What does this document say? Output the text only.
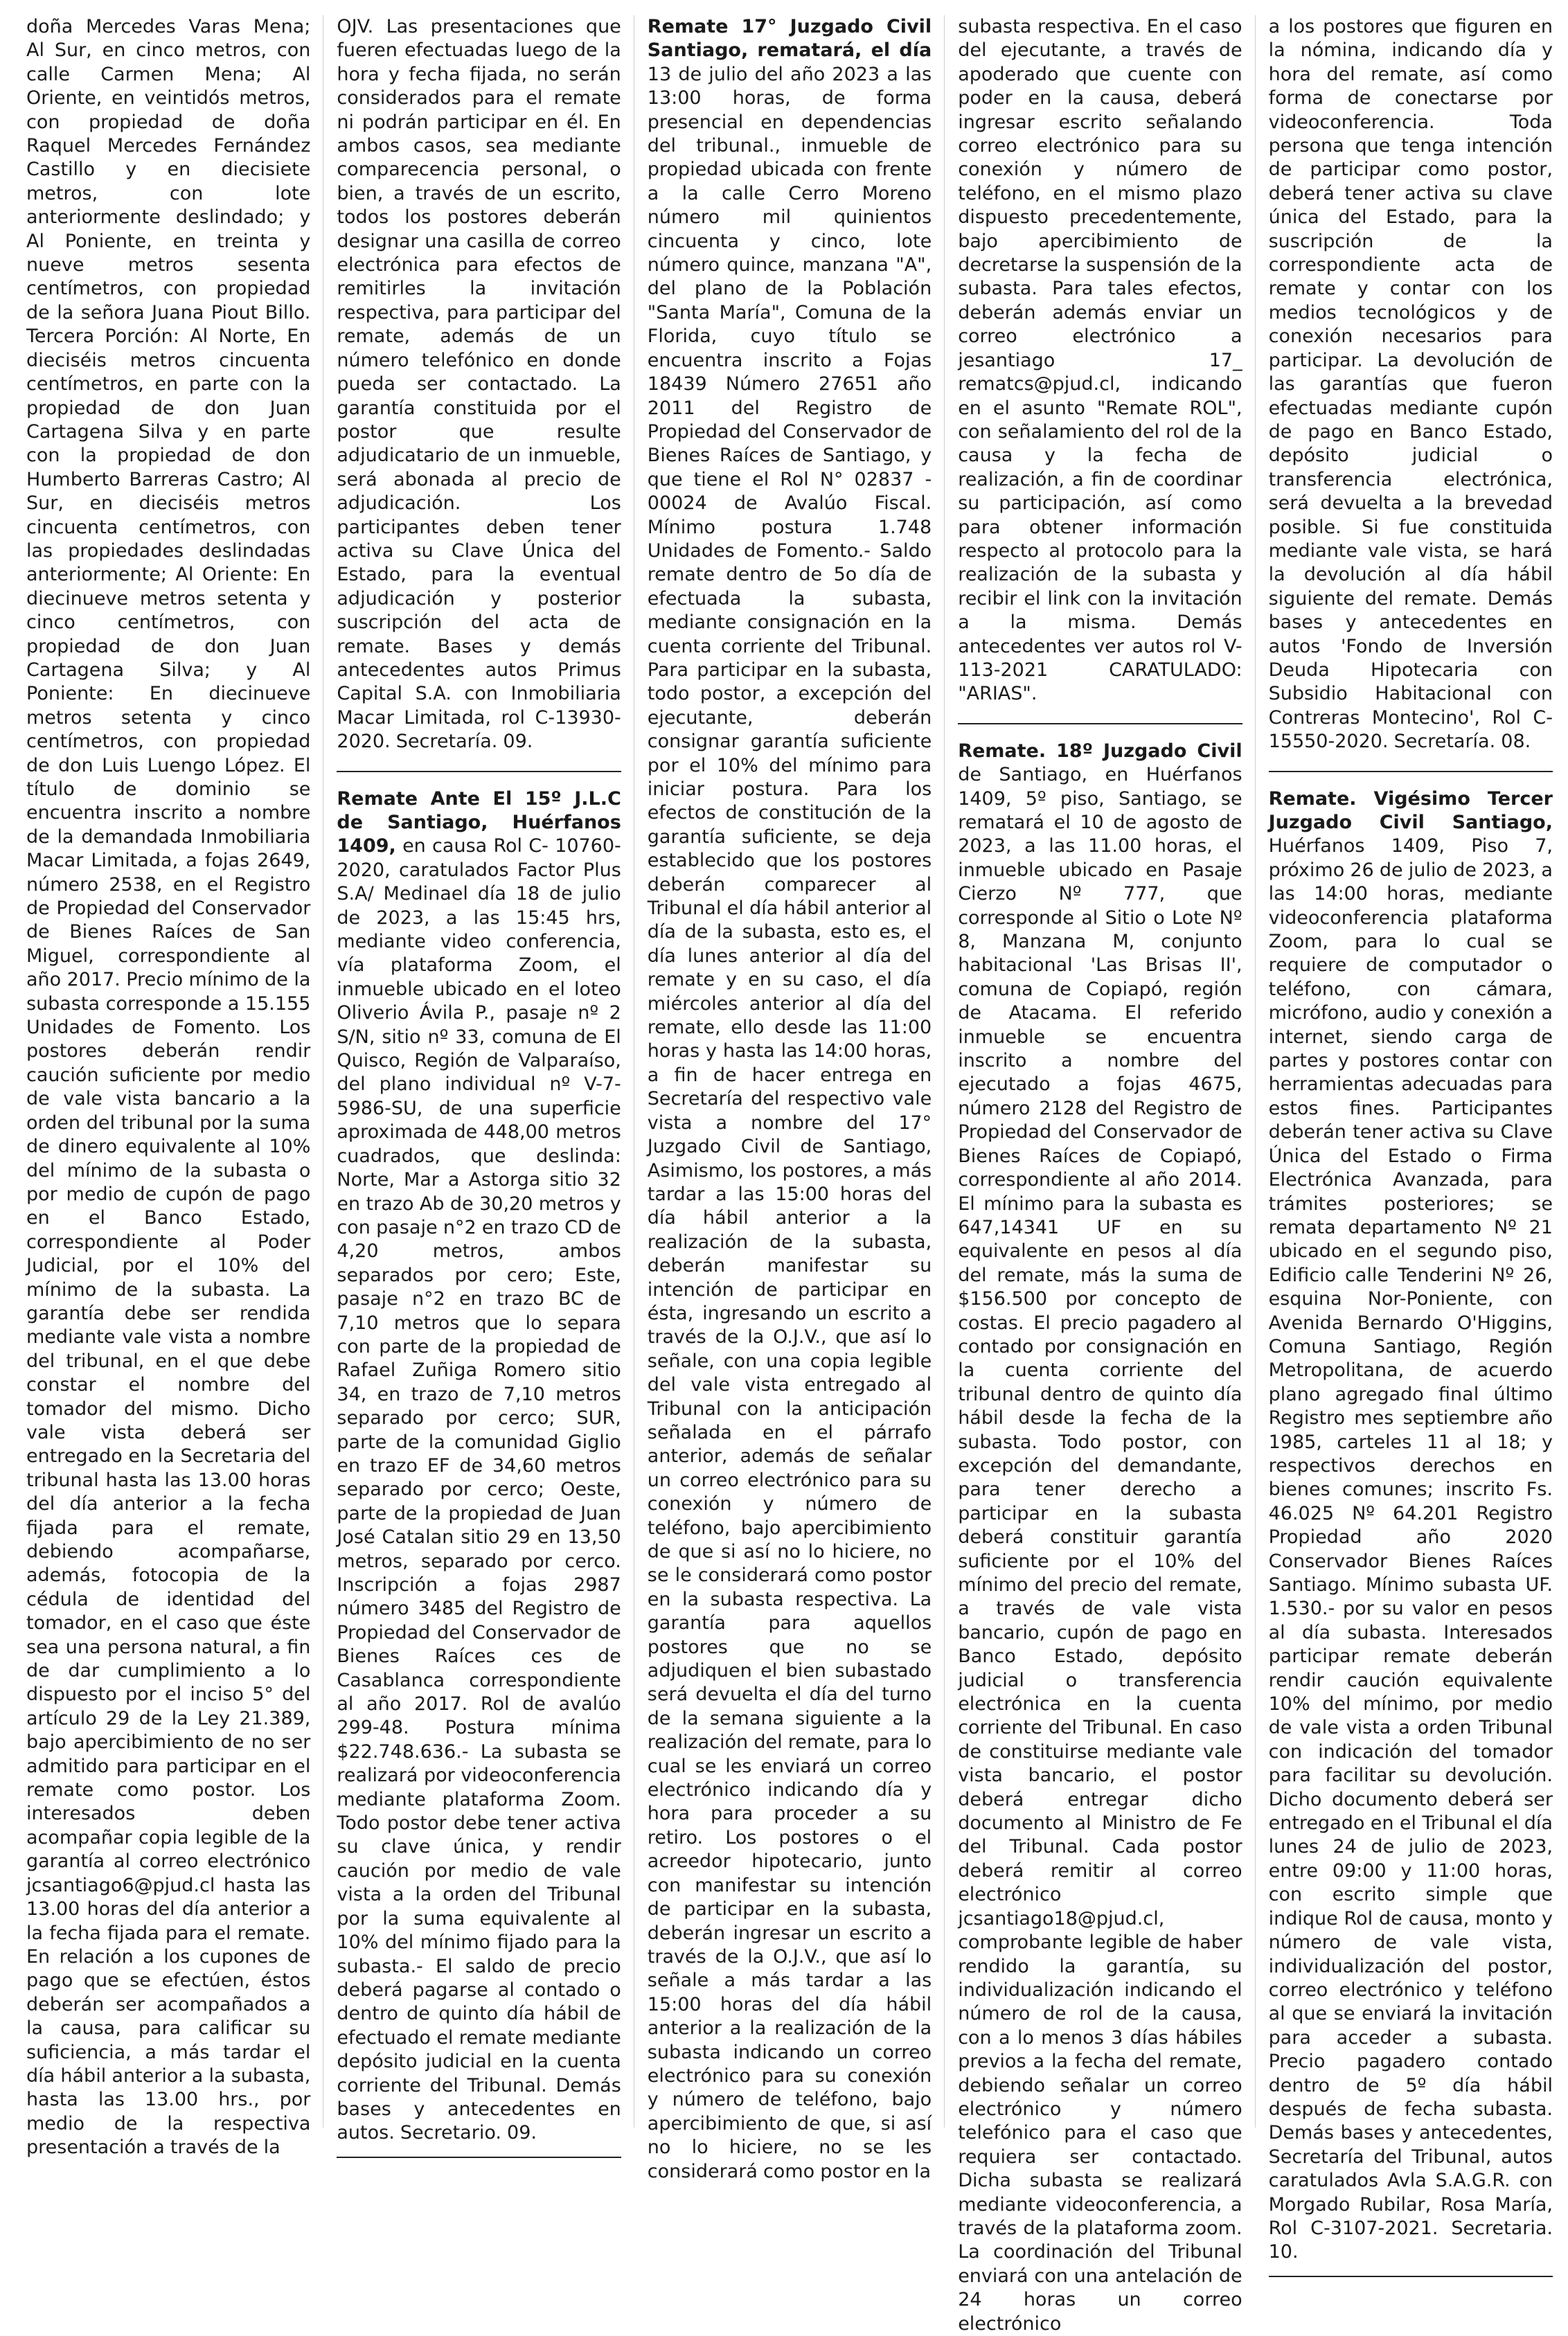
doña Mercedes Varas Mena; Al Sur, en cinco metros, con calle Carmen Mena; Al Oriente, en veintidós metros, con propiedad de doña Raquel Mercedes Fernández Castillo y en diecisiete metros, con lote anteriormente deslindado; y Al Poniente, en treinta y nueve metros sesenta centímetros, con propiedad de la señora Juana Piout Billo. Tercera Porción: Al Norte, En dieciséis metros cincuenta centímetros, en parte con la propiedad de don Juan Cartagena Silva y en parte con la propiedad de don Humberto Barreras Castro; Al Sur, en dieciséis metros cincuenta centímetros, con las propiedades deslindadas anteriormente; Al Oriente: En diecinueve metros setenta y cinco centímetros, con propiedad de don Juan Cartagena Silva; y Al Poniente: En diecinueve metros setenta y cinco centímetros, con propiedad de don Luis Luengo López. El título de dominio se encuentra inscrito a nombre de la demandada Inmobiliaria Macar Limitada, a fojas 2649, número 2538, en el Registro de Propiedad del Conservador de Bienes Raíces de San Miguel, correspondiente al año 2017. Precio mínimo de la subasta corresponde a 15.155 Unidades de Fomento. Los postores deberán rendir caución suficiente por medio de vale vista bancario a la orden del tribunal por la suma de dinero equivalente al 10% del mínimo de la subasta o por medio de cupón de pago en el Banco Estado, correspondiente al Poder Judicial, por el 10% del mínimo de la subasta. La garantía debe ser rendida mediante vale vista a nombre del tribunal, en el que debe constar el nombre del tomador del mismo. Dicho vale vista deberá ser entregado en la Secretaria del tribunal hasta las 13.00 horas del día anterior a la fecha fijada para el remate, debiendo acompañarse, además, fotocopia de la cédula de identidad del tomador, en el caso que éste sea una persona natural, a fin de dar cumplimiento a lo dispuesto por el inciso 5° del artículo 29 de la Ley 21.389, bajo apercibimiento de no ser admitido para participar en el remate como postor. Los interesados deben acompañar copia legible de la garantía al correo electrónico jcsantiago6@pjud.cl hasta las 13.00 horas del día anterior a la fecha fijada para el remate. En relación a los cupones de pago que se efectúen, éstos deberán ser acompañados a la causa, para calificar su suficiencia, a más tardar el día hábil anterior a la subasta, hasta las 13.00 hrs., por medio de la respectiva presentación a través de la

OJV. Las presentaciones que fueren efectuadas luego de la hora y fecha fijada, no serán considerados para el remate ni podrán participar en él. En ambos casos, sea mediante comparecencia personal, o bien, a través de un escrito, todos los postores deberán designar una casilla de correo electrónica para efectos de remitirles la invitación respectiva, para participar del remate, además de un número telefónico en donde pueda ser contactado. La garantía constituida por el postor que resulte adjudicatario de un inmueble, será abonada al precio de adjudicación. Los participantes deben tener activa su Clave Única del Estado, para la eventual adjudicación y posterior suscripción del acta de remate. Bases y demás antecedentes autos Primus Capital S.A. con Inmobiliaria Macar Limitada, rol C-13930-2020. Secretaría. 09.

Remate Ante El 15º J.L.C de Santiago, Huérfanos 1409, en causa Rol C- 10760-2020, caratulados Factor Plus S.A/ Medinael día 18 de julio de 2023, a las 15:45 hrs, mediante video conferencia, vía plataforma Zoom, el inmueble ubicado en el loteo Oliverio Ávila P., pasaje nº 2 S/N, sitio nº 33, comuna de El Quisco, Región de Valparaíso, del plano individual nº V-7-5986-SU, de una superficie aproximada de 448,00 metros cuadrados, que deslinda: Norte, Mar a Astorga sitio 32 en trazo Ab de 30,20 metros y con pasaje n°2 en trazo CD de 4,20 metros, ambos separados por cero; Este, pasaje n°2 en trazo BC de 7,10 metros que lo separa con parte de la propiedad de Rafael Zuñiga Romero sitio 34, en trazo de 7,10 metros separado por cerco; SUR, parte de la comunidad Giglio en trazo EF de 34,60 metros separado por cerco; Oeste, parte de la propiedad de Juan José Catalan sitio 29 en 13,50 metros, separado por cerco. Inscripción a fojas 2987 número 3485 del Registro de Propiedad del Conservador de Bienes Raíces ces de Casablanca correspondiente al año 2017. Rol de avalúo 299-48. Postura mínima $22.748.636.- La subasta se realizará por videoconferencia mediante plataforma Zoom. Todo postor debe tener activa su clave única, y rendir caución por medio de vale vista a la orden del Tribunal por la suma equivalente al 10% del mínimo fijado para la subasta.- El saldo de precio deberá pagarse al contado o dentro de quinto día hábil de efectuado el remate mediante depósito judicial en la cuenta corriente del Tribunal. Demás bases y antecedentes en autos. Secretario. 09.

Remate 17° Juzgado Civil Santiago, rematará, el día 13 de julio del año 2023 a las 13:00 horas, de forma presencial en dependencias del tribunal., inmueble de propiedad ubicada con frente a la calle Cerro Moreno número mil quinientos cincuenta y cinco, lote número quince, manzana "A", del plano de la Población "Santa María", Comuna de la Florida, cuyo título se encuentra inscrito a Fojas 18439 Número 27651 año 2011 del Registro de Propiedad del Conservador de Bienes Raíces de Santiago, y que tiene el Rol N° 02837 - 00024 de Avalúo Fiscal. Mínimo postura 1.748 Unidades de Fomento.- Saldo remate dentro de 5o día de efectuada la subasta, mediante consignación en la cuenta corriente del Tribunal. Para participar en la subasta, todo postor, a excepción del ejecutante, deberán consignar garantía suficiente por el 10% del mínimo para iniciar postura. Para los efectos de constitución de la garantía suficiente, se deja establecido que los postores deberán comparecer al Tribunal el día hábil anterior al día de la subasta, esto es, el día lunes anterior al día del remate y en su caso, el día miércoles anterior al día del remate, ello desde las 11:00 horas y hasta las 14:00 horas, a fin de hacer entrega en Secretaría del respectivo vale vista a nombre del 17° Juzgado Civil de Santiago, Asimismo, los postores, a más tardar a las 15:00 horas del día hábil anterior a la realización de la subasta, deberán manifestar su intención de participar en ésta, ingresando un escrito a través de la O.J.V., que así lo señale, con una copia legible del vale vista entregado al Tribunal con la anticipación señalada en el párrafo anterior, además de señalar un correo electrónico para su conexión y número de teléfono, bajo apercibimiento de que si así no lo hiciere, no se le considerará como postor en la subasta respectiva. La garantía para aquellos postores que no se adjudiquen el bien subastado será devuelta el día del turno de la semana siguiente a la realización del remate, para lo cual se les enviará un correo electrónico indicando día y hora para proceder a su retiro. Los postores o el acreedor hipotecario, junto con manifestar su intención de participar en la subasta, deberán ingresar un escrito a través de la O.J.V., que así lo señale a más tardar a las 15:00 horas del día hábil anterior a la realización de la subasta indicando un correo electrónico para su conexión y número de teléfono, bajo apercibimiento de que, si así no lo hiciere, no se les considerará como postor en la

subasta respectiva. En el caso del ejecutante, a través de apoderado que cuente con poder en la causa, deberá ingresar escrito señalando correo electrónico para su conexión y número de teléfono, en el mismo plazo dispuesto precedentemente, bajo apercibimiento de decretarse la suspensión de la subasta. Para tales efectos, deberán además enviar un correo electrónico a jesantiago 17_ rematcs@pjud.cl, indicando en el asunto "Remate ROL", con señalamiento del rol de la causa y la fecha de realización, a fin de coordinar su participación, así como para obtener información respecto al protocolo para la realización de la subasta y recibir el link con la invitación a la misma. Demás antecedentes ver autos rol V-113-2021 CARATULADO: "ARIAS".

Remate. 18º Juzgado Civil de Santiago, en Huérfanos 1409, 5º piso, Santiago, se rematará el 10 de agosto de 2023, a las 11.00 horas, el inmueble ubicado en Pasaje Cierzo Nº 777, que corresponde al Sitio o Lote Nº 8, Manzana M, conjunto habitacional 'Las Brisas II', comuna de Copiapó, región de Atacama. El referido inmueble se encuentra inscrito a nombre del ejecutado a fojas 4675, número 2128 del Registro de Propiedad del Conservador de Bienes Raíces de Copiapó, correspondiente al año 2014. El mínimo para la subasta es 647,14341 UF en su equivalente en pesos al día del remate, más la suma de $156.500 por concepto de costas. El precio pagadero al contado por consignación en la cuenta corriente del tribunal dentro de quinto día hábil desde la fecha de la subasta. Todo postor, con excepción del demandante, para tener derecho a participar en la subasta deberá constituir garantía suficiente por el 10% del mínimo del precio del remate, a través de vale vista bancario, cupón de pago en Banco Estado, depósito judicial o transferencia electrónica en la cuenta corriente del Tribunal. En caso de constituirse mediante vale vista bancario, el postor deberá entregar dicho documento al Ministro de Fe del Tribunal. Cada postor deberá remitir al correo electrónico jcsantiago18@pjud.cl, comprobante legible de haber rendido la garantía, su individualización indicando el número de rol de la causa, con a lo menos 3 días hábiles previos a la fecha del remate, debiendo señalar un correo electrónico y número telefónico para el caso que requiera ser contactado. Dicha subasta se realizará mediante videoconferencia, a través de la plataforma zoom. La coordinación del Tribunal enviará con una antelación de 24 horas un correo electrónico

a los postores que figuren en la nómina, indicando día y hora del remate, así como forma de conectarse por videoconferencia. Toda persona que tenga intención de participar como postor, deberá tener activa su clave única del Estado, para la suscripción de la correspondiente acta de remate y contar con los medios tecnológicos y de conexión necesarios para participar. La devolución de las garantías que fueron efectuadas mediante cupón de pago en Banco Estado, depósito judicial o transferencia electrónica, será devuelta a la brevedad posible. Si fue constituida mediante vale vista, se hará la devolución al día hábil siguiente del remate. Demás bases y antecedentes en autos 'Fondo de Inversión Deuda Hipotecaria con Subsidio Habitacional con Contreras Montecino', Rol C-15550-2020. Secretaría. 08.

Remate. Vigésimo Tercer Juzgado Civil Santiago, Huérfanos 1409, Piso 7, próximo 26 de julio de 2023, a las 14:00 horas, mediante videoconferencia plataforma Zoom, para lo cual se requiere de computador o teléfono, con cámara, micrófono, audio y conexión a internet, siendo carga de partes y postores contar con herramientas adecuadas para estos fines. Participantes deberán tener activa su Clave Única del Estado o Firma Electrónica Avanzada, para trámites posteriores; se remata departamento Nº 21 ubicado en el segundo piso, Edificio calle Tenderini Nº 26, esquina Nor-Poniente, con Avenida Bernardo O'Higgins, Comuna Santiago, Región Metropolitana, de acuerdo plano agregado final último Registro mes septiembre año 1985, carteles 11 al 18; y respectivos derechos en bienes comunes; inscrito Fs. 46.025 Nº 64.201 Registro Propiedad año 2020 Conservador Bienes Raíces Santiago. Mínimo subasta UF. 1.530.- por su valor en pesos al día subasta. Interesados participar remate deberán rendir caución equivalente 10% del mínimo, por medio de vale vista a orden Tribunal con indicación del tomador para facilitar su devolución. Dicho documento deberá ser entregado en el Tribunal el día lunes 24 de julio de 2023, entre 09:00 y 11:00 horas, con escrito simple que indique Rol de causa, monto y número de vale vista, individualización del postor, correo electrónico y teléfono al que se enviará la invitación para acceder a subasta. Precio pagadero contado dentro de 5º día hábil después de fecha subasta. Demás bases y antecedentes, Secretaría del Tribunal, autos caratulados Avla S.A.G.R. con Morgado Rubilar, Rosa María, Rol C-3107-2021. Secretaria. 10.
